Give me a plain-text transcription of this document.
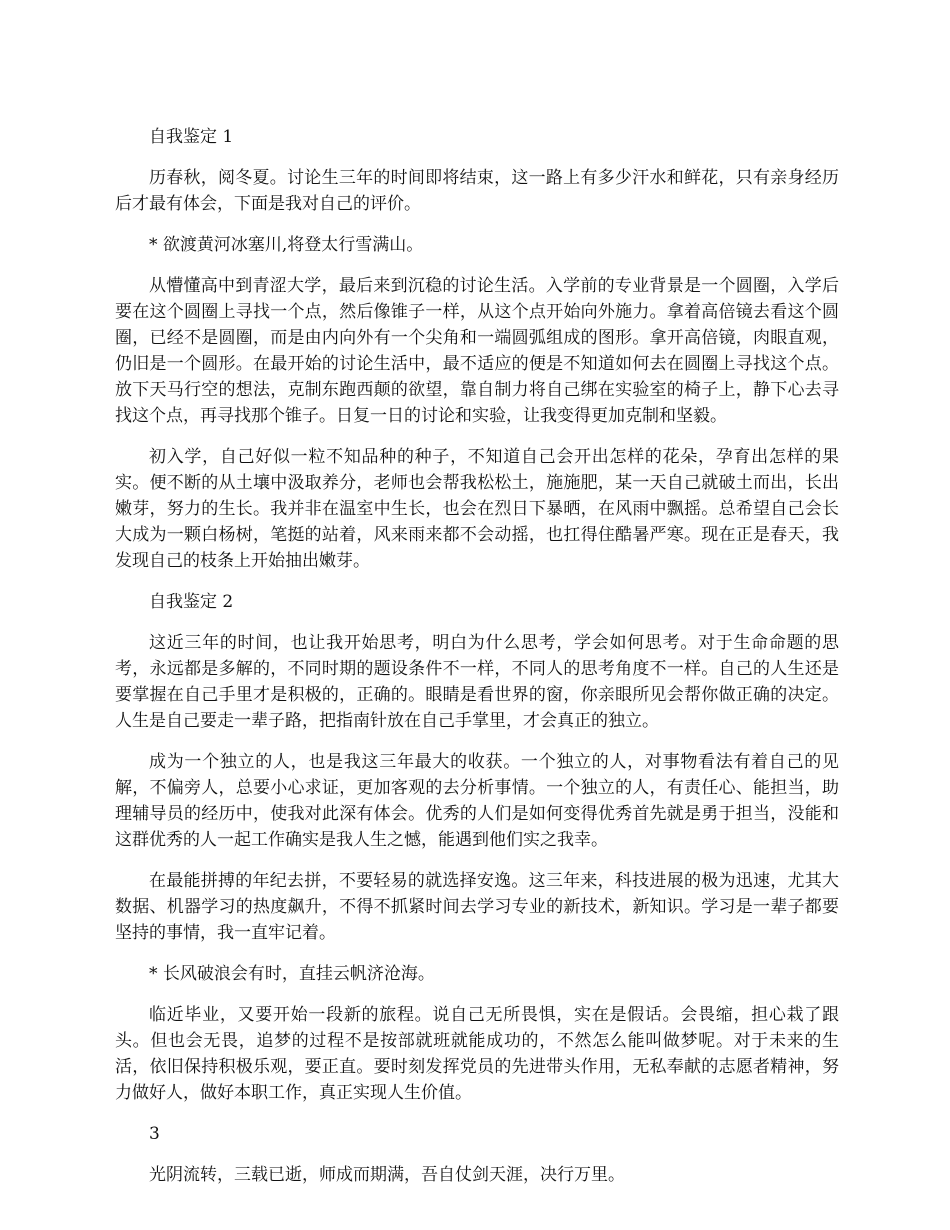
自我鉴定 1

历春秋，阅冬夏。讨论生三年的时间即将结束，这一路上有多少汗水和鲜花，只有亲身经历后才最有体会，下面是我对自己的评价。

* 欲渡黄河冰塞川,将登太行雪满山。

从懵懂高中到青涩大学，最后来到沉稳的讨论生活。入学前的专业背景是一个圆圈，入学后要在这个圆圈上寻找一个点，然后像锥子一样，从这个点开始向外施力。拿着高倍镜去看这个圆圈，已经不是圆圈，而是由内向外有一个尖角和一端圆弧组成的图形。拿开高倍镜，肉眼直观，仍旧是一个圆形。在最开始的讨论生活中，最不适应的便是不知道如何去在圆圈上寻找这个点。放下天马行空的想法，克制东跑西颠的欲望，靠自制力将自己绑在实验室的椅子上，静下心去寻找这个点，再寻找那个锥子。日复一日的讨论和实验，让我变得更加克制和坚毅。

初入学，自己好似一粒不知品种的种子，不知道自己会开出怎样的花朵，孕育出怎样的果实。便不断的从土壤中汲取养分，老师也会帮我松松土，施施肥，某一天自己就破土而出，长出嫩芽，努力的生长。我并非在温室中生长，也会在烈日下暴晒，在风雨中飘摇。总希望自己会长大成为一颗白杨树，笔挺的站着，风来雨来都不会动摇，也扛得住酷暑严寒。现在正是春天，我发现自己的枝条上开始抽出嫩芽。

自我鉴定 2

这近三年的时间，也让我开始思考，明白为什么思考，学会如何思考。对于生命命题的思考，永远都是多解的，不同时期的题设条件不一样，不同人的思考角度不一样。自己的人生还是要掌握在自己手里才是积极的，正确的。眼睛是看世界的窗，你亲眼所见会帮你做正确的决定。人生是自己要走一辈子路，把指南针放在自己手掌里，才会真正的独立。

成为一个独立的人，也是我这三年最大的收获。一个独立的人，对事物看法有着自己的见解，不偏旁人，总要小心求证，更加客观的去分析事情。一个独立的人，有责任心、能担当，助理辅导员的经历中，使我对此深有体会。优秀的人们是如何变得优秀首先就是勇于担当，没能和这群优秀的人一起工作确实是我人生之憾，能遇到他们实之我幸。

在最能拼搏的年纪去拼，不要轻易的就选择安逸。这三年来，科技进展的极为迅速，尤其大数据、机器学习的热度飙升，不得不抓紧时间去学习专业的新技术，新知识。学习是一辈子都要坚持的事情，我一直牢记着。

* 长风破浪会有时，直挂云帆济沧海。

临近毕业，又要开始一段新的旅程。说自己无所畏惧，实在是假话。会畏缩，担心栽了跟头。但也会无畏，追梦的过程不是按部就班就能成功的，不然怎么能叫做梦呢。对于未来的生活，依旧保持积极乐观，要正直。要时刻发挥党员的先进带头作用，无私奉献的志愿者精神，努力做好人，做好本职工作，真正实现人生价值。

3

光阴流转，三载已逝，师成而期满，吾自仗剑天涯，决行万里。
